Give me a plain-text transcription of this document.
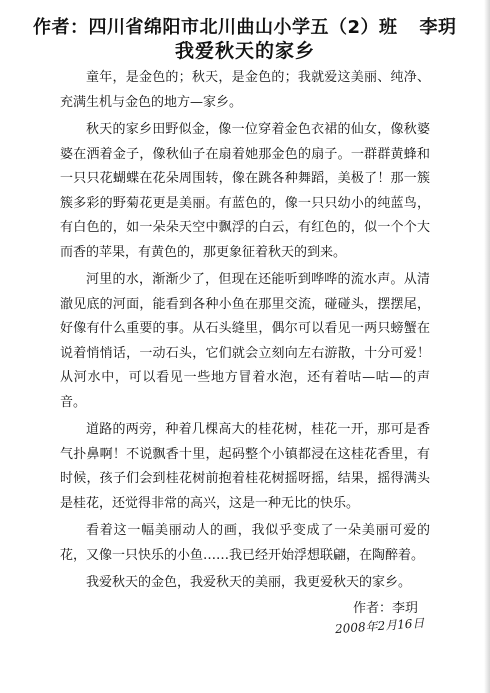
作者：四川省绵阳市北川曲山小学五（2）班 李玥
我爱秋天的家乡

童年，是金色的；秋天，是金色的；我就爱这美丽、纯净、充满生机与金色的地方—家乡。

秋天的家乡田野似金，像一位穿着金色衣裙的仙女，像秋婆婆在洒着金子，像秋仙子在扇着她那金色的扇子。一群群黄蜂和一只只花蝴蝶在花朵周围转，像在跳各种舞蹈，美极了！那一簇簇多彩的野菊花更是美丽。有蓝色的，像一只只幼小的纯蓝鸟，有白色的，如一朵朵天空中飘浮的白云，有红色的，似一个个大而香的苹果，有黄色的，那更象征着秋天的到来。

河里的水，渐渐少了，但现在还能听到哗哗的流水声。从清澈见底的河面，能看到各种小鱼在那里交流，碰碰头，摆摆尾，好像有什么重要的事。从石头缝里，偶尔可以看见一两只螃蟹在说着悄悄话，一动石头，它们就会立刻向左右游散，十分可爱！从河水中，可以看见一些地方冒着水泡，还有着咕—咕—的声音。

道路的两旁，种着几棵高大的桂花树，桂花一开，那可是香气扑鼻啊！不说飘香十里，起码整个小镇都浸在这桂花香里，有时候，孩子们会到桂花树前抱着桂花树摇呀摇，结果，摇得满头是桂花，还觉得非常的高兴，这是一种无比的快乐。

看着这一幅美丽动人的画，我似乎变成了一朵美丽可爱的花，又像一只快乐的小鱼……我已经开始浮想联翩，在陶醉着。

我爱秋天的金色，我爱秋天的美丽，我更爱秋天的家乡。

作者：李玥
2008年2月16日
